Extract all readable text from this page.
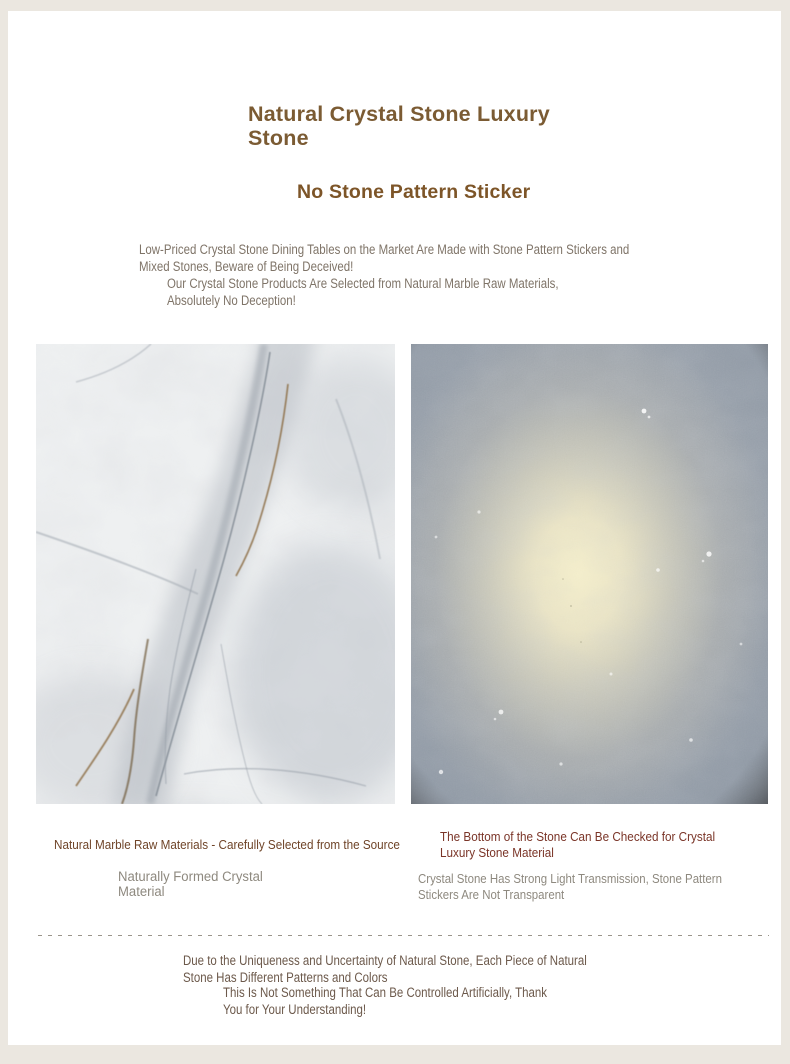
Natural Crystal Stone Luxury
Stone
No Stone Pattern Sticker
Low-Priced Crystal Stone Dining Tables on the Market Are Made with Stone Pattern Stickers and
Mixed Stones, Beware of Being Deceived!
Our Crystal Stone Products Are Selected from Natural Marble Raw Materials,
Absolutely No Deception!
Natural Marble Raw Materials - Carefully Selected from the Source
Naturally Formed Crystal
Material
The Bottom of the Stone Can Be Checked for Crystal
Luxury Stone Material
Crystal Stone Has Strong Light Transmission, Stone Pattern
Stickers Are Not Transparent
Due to the Uniqueness and Uncertainty of Natural Stone, Each Piece of Natural
Stone Has Different Patterns and Colors
This Is Not Something That Can Be Controlled Artificially, Thank
You for Your Understanding!
